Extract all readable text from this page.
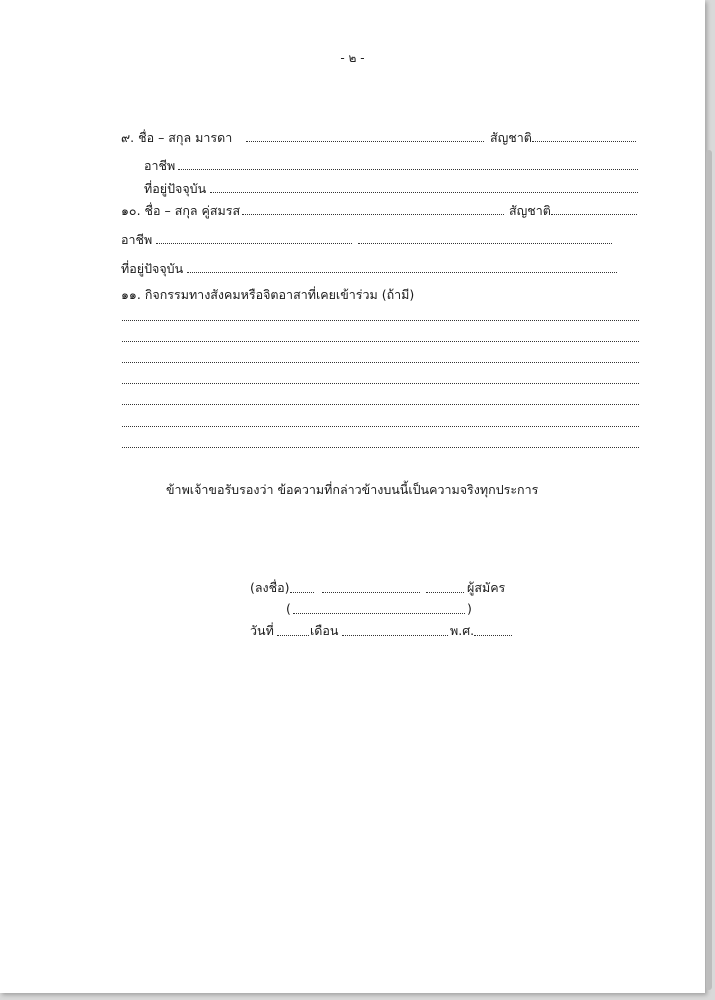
- ๒ -
๙. ชื่อ – สกุล มารดา	สัญชาติ
อาชีพ
ที่อยู่ปัจจุบัน
๑๐. ชื่อ – สกุล คู่สมรส	สัญชาติ
อาชีพ
ที่อยู่ปัจจุบัน
๑๑. กิจกรรมทางสังคมหรือจิตอาสาที่เคยเข้าร่วม (ถ้ามี)
ข้าพเจ้าขอรับรองว่า ข้อความที่กล่าวข้างบนนี้เป็นความจริงทุกประการ
(ลงชื่อ)	ผู้สมัคร
(	)
วันที่	เดือน	พ.ศ.
